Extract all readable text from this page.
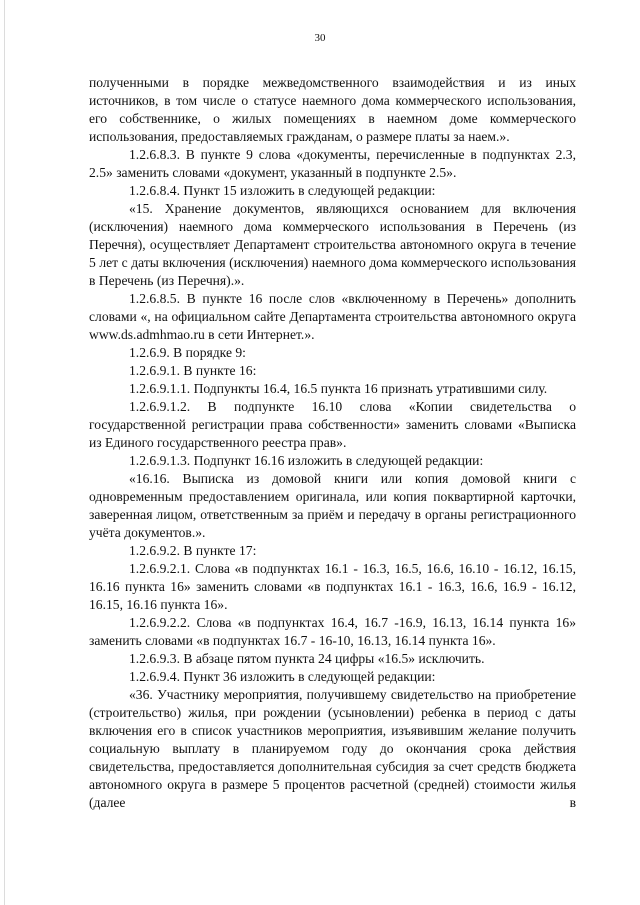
30

полученными в порядке межведомственного взаимодействия и из иных источников, в том числе о статусе наемного дома коммерческого использования, его собственнике, о жилых помещениях в наемном доме коммерческого использования, предоставляемых гражданам, о размере платы за наем.».

1.2.6.8.3. В пункте 9 слова «документы, перечисленные в подпунктах 2.3, 2.5» заменить словами «документ, указанный в подпункте 2.5».

1.2.6.8.4. Пункт 15 изложить в следующей редакции:

«15. Хранение документов, являющихся основанием для включения (исключения) наемного дома коммерческого использования в Перечень (из Перечня), осуществляет Департамент строительства автономного округа в течение 5 лет с даты включения (исключения) наемного дома коммерческого использования в Перечень (из Перечня).».

1.2.6.8.5. В пункте 16 после слов «включенному в Перечень» дополнить словами «, на официальном сайте Департамента строительства автономного округа www.ds.admhmao.ru в сети Интернет.».

1.2.6.9. В порядке 9:

1.2.6.9.1. В пункте 16:

1.2.6.9.1.1. Подпункты 16.4, 16.5 пункта 16 признать утратившими силу.

1.2.6.9.1.2. В подпункте 16.10 слова «Копии свидетельства о государственной регистрации права собственности» заменить словами «Выписка из Единого государственного реестра прав».

1.2.6.9.1.3. Подпункт 16.16 изложить в следующей редакции:

«16.16. Выписка из домовой книги или копия домовой книги с одновременным предоставлением оригинала, или копия поквартирной карточки, заверенная лицом, ответственным за приём и передачу в органы регистрационного учёта документов.».

1.2.6.9.2. В пункте 17:

1.2.6.9.2.1. Слова «в подпунктах 16.1 - 16.3, 16.5, 16.6, 16.10 - 16.12, 16.15, 16.16 пункта 16» заменить словами «в подпунктах 16.1 - 16.3, 16.6, 16.9 - 16.12, 16.15, 16.16 пункта 16».

1.2.6.9.2.2. Слова «в подпунктах 16.4, 16.7 -16.9, 16.13, 16.14 пункта 16» заменить словами «в подпунктах 16.7 - 16-10, 16.13, 16.14 пункта 16».

1.2.6.9.3. В абзаце пятом пункта 24 цифры «16.5» исключить.

1.2.6.9.4. Пункт 36 изложить в следующей редакции:

«36. Участнику мероприятия, получившему свидетельство на приобретение (строительство) жилья, при рождении (усыновлении) ребенка в период с даты включения его в список участников мероприятия, изъявившим желание получить социальную выплату в планируемом году до окончания срока действия свидетельства, предоставляется дополнительная субсидия за счет средств бюджета автономного округа в размере 5 процентов расчетной (средней) стоимости жилья (далее в
